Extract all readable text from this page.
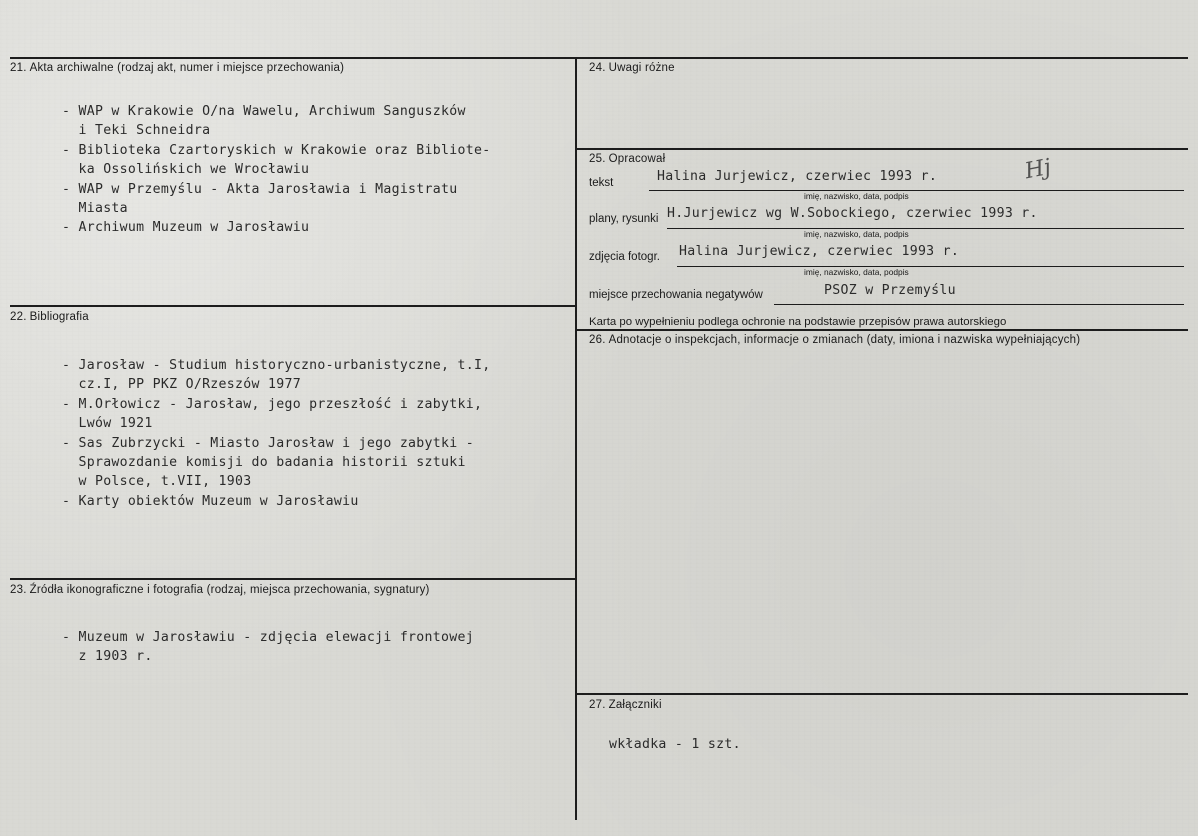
21. Akta archiwalne (rodzaj akt, numer i miejsce przechowania)
- WAP w Krakowie O/na Wawelu, Archiwum Sanguszków
i Teki Schneidra
- Biblioteka Czartoryskich w Krakowie oraz Bibliote-
ka Ossolińskich we Wrocławiu
- WAP w Przemyślu - Akta Jarosławia i Magistratu
Miasta
- Archiwum Muzeum w Jarosławiu
22. Bibliografia
- Jarosław - Studium historyczno-urbanistyczne, t.I,
cz.I, PP PKZ O/Rzeszów 1977
- M.Orłowicz - Jarosław, jego przeszłość i zabytki,
Lwów 1921
- Sas Zubrzycki - Miasto Jarosław i jego zabytki -
Sprawozdanie komisji do badania historii sztuki
w Polsce, t.VII, 1903
- Karty obiektów Muzeum w Jarosławiu
23. Źródła ikonograficzne i fotografia (rodzaj, miejsca przechowania, sygnatury)
- Muzeum w Jarosławiu - zdjęcia elewacji frontowej
z 1903 r.
24. Uwagi różne
25. Opracował
tekst	Halina Jurjewicz, czerwiec 1993 r.
imię, nazwisko, data, podpis
plany, rysunki H.Jurjewicz wg W.Sobockiego, czerwiec 1993 r.
imię, nazwisko, data, podpis
zdjęcia fotogr. Halina Jurjewicz, czerwiec 1993 r.
imię, nazwisko, data, podpis
miejsce przechowania negatywów	PSOZ w Przemyślu
Hj
Karta po wypełnieniu podlega ochronie na podstawie przepisów prawa autorskiego
26. Adnotacje o inspekcjach, informacje o zmianach (daty, imiona i nazwiska wypełniających)
27. Załączniki
wkładka - 1 szt.
